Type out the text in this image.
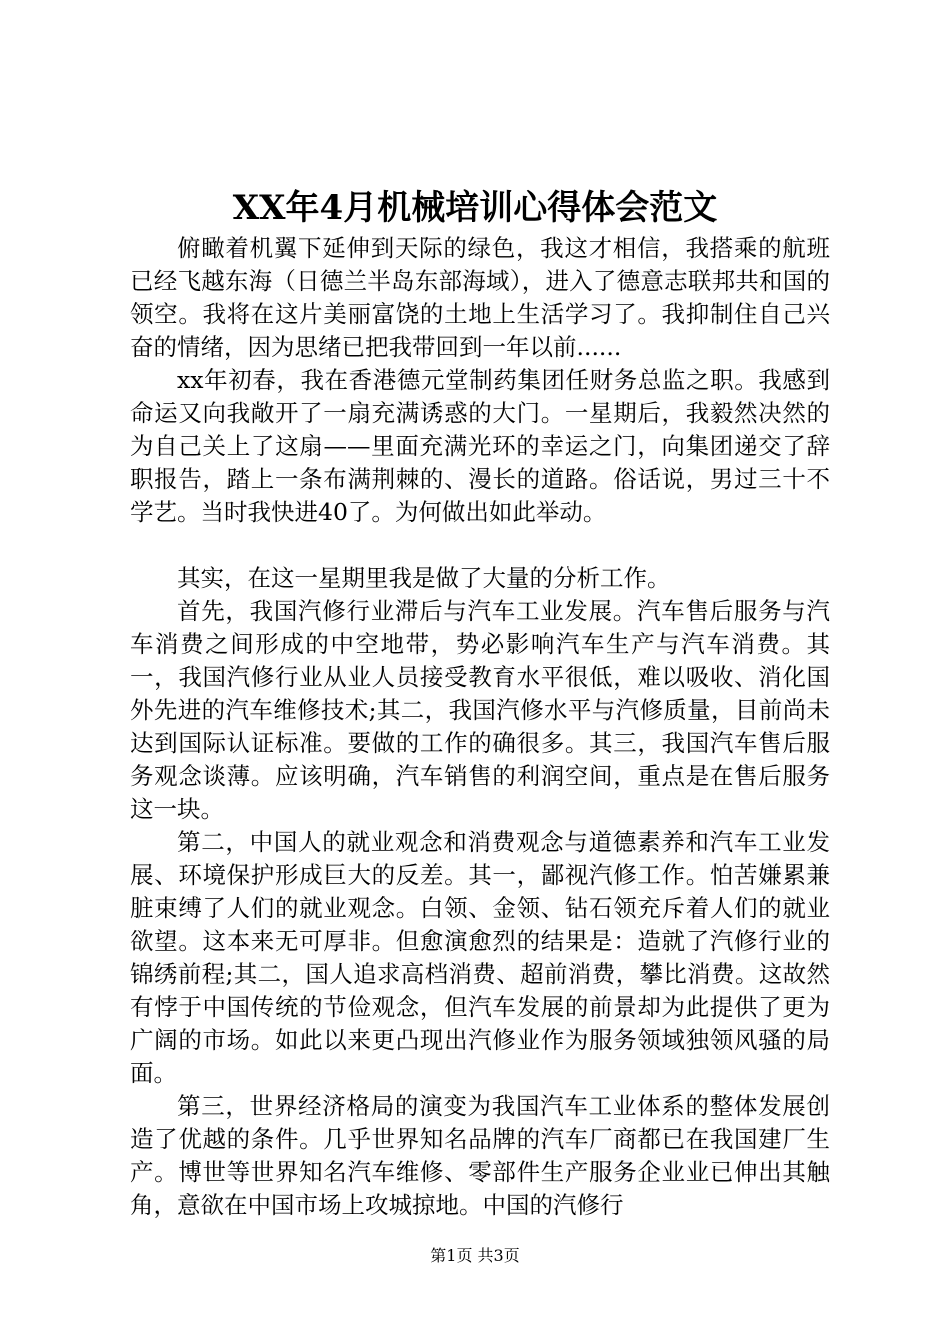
XX年4月机械培训心得体会范文

俯瞰着机翼下延伸到天际的绿色，我这才相信，我搭乘的航班已经飞越东海（日德兰半岛东部海域），进入了德意志联邦共和国的领空。我将在这片美丽富饶的土地上生活学习了。我抑制住自己兴奋的情绪，因为思绪已把我带回到一年以前......

xx年初春，我在香港德元堂制药集团任财务总监之职。我感到命运又向我敞开了一扇充满诱惑的大门。一星期后，我毅然决然的为自己关上了这扇——里面充满光环的幸运之门，向集团递交了辞职报告，踏上一条布满荆棘的、漫长的道路。俗话说，男过三十不学艺。当时我快进40了。为何做出如此举动。

其实，在这一星期里我是做了大量的分析工作。

首先，我国汽修行业滞后与汽车工业发展。汽车售后服务与汽车消费之间形成的中空地带，势必影响汽车生产与汽车消费。其一，我国汽修行业从业人员接受教育水平很低，难以吸收、消化国外先进的汽车维修技术;其二，我国汽修水平与汽修质量，目前尚未达到国际认证标准。要做的工作的确很多。其三，我国汽车售后服务观念谈薄。应该明确，汽车销售的利润空间，重点是在售后服务这一块。

第二，中国人的就业观念和消费观念与道德素养和汽车工业发展、环境保护形成巨大的反差。其一，鄙视汽修工作。怕苦嫌累兼脏束缚了人们的就业观念。白领、金领、钻石领充斥着人们的就业欲望。这本来无可厚非。但愈演愈烈的结果是：造就了汽修行业的锦绣前程;其二，国人追求高档消费、超前消费，攀比消费。这故然有悖于中国传统的节俭观念，但汽车发展的前景却为此提供了更为广阔的市场。如此以来更凸现出汽修业作为服务领域独领风骚的局面。

第三，世界经济格局的演变为我国汽车工业体系的整体发展创造了优越的条件。几乎世界知名品牌的汽车厂商都已在我国建厂生产。博世等世界知名汽车维修、零部件生产服务企业业已伸出其触角，意欲在中国市场上攻城掠地。中国的汽修行

第1页 共3页
